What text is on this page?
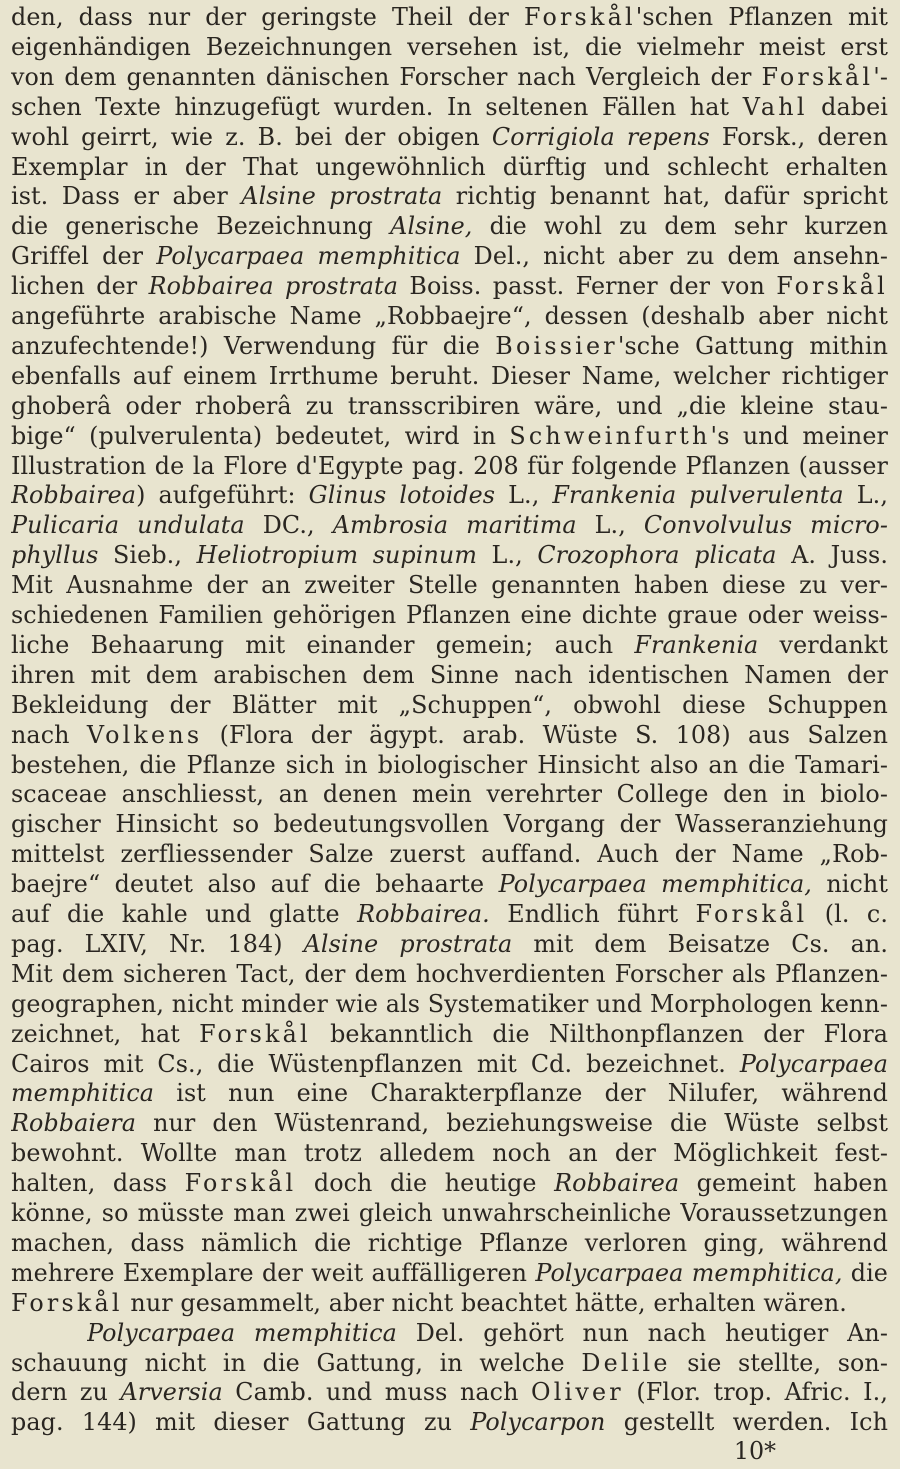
den, dass nur der geringste Theil der Forskål'schen Pflanzen mit
eigenhändigen Bezeichnungen versehen ist, die vielmehr meist erst
von dem genannten dänischen Forscher nach Vergleich der Forskål'-
schen Texte hinzugefügt wurden. In seltenen Fällen hat Vahl dabei
wohl geirrt, wie z. B. bei der obigen Corrigiola repens Forsk., deren
Exemplar in der That ungewöhnlich dürftig und schlecht erhalten
ist. Dass er aber Alsine prostrata richtig benannt hat, dafür spricht
die generische Bezeichnung Alsine, die wohl zu dem sehr kurzen
Griffel der Polycarpaea memphitica Del., nicht aber zu dem ansehn-
lichen der Robbairea prostrata Boiss. passt. Ferner der von Forskål
angeführte arabische Name „Robbaejre“, dessen (deshalb aber nicht
anzufechtende!) Verwendung für die Boissier'sche Gattung mithin
ebenfalls auf einem Irrthume beruht. Dieser Name, welcher richtiger
ghoberâ oder rhoberâ zu transscribiren wäre, und „die kleine stau-
bige“ (pulverulenta) bedeutet, wird in Schweinfurth's und meiner
Illustration de la Flore d'Egypte pag. 208 für folgende Pflanzen (ausser
Robbairea) aufgeführt: Glinus lotoides L., Frankenia pulverulenta L.,
Pulicaria undulata DC., Ambrosia maritima L., Convolvulus micro-
phyllus Sieb., Heliotropium supinum L., Crozophora plicata A. Juss.
Mit Ausnahme der an zweiter Stelle genannten haben diese zu ver-
schiedenen Familien gehörigen Pflanzen eine dichte graue oder weiss-
liche Behaarung mit einander gemein; auch Frankenia verdankt
ihren mit dem arabischen dem Sinne nach identischen Namen der
Bekleidung der Blätter mit „Schuppen“, obwohl diese Schuppen
nach Volkens (Flora der ägypt. arab. Wüste S. 108) aus Salzen
bestehen, die Pflanze sich in biologischer Hinsicht also an die Tamari-
scaceae anschliesst, an denen mein verehrter College den in biolo-
gischer Hinsicht so bedeutungsvollen Vorgang der Wasseranziehung
mittelst zerfliessender Salze zuerst auffand. Auch der Name „Rob-
baejre“ deutet also auf die behaarte Polycarpaea memphitica, nicht
auf die kahle und glatte Robbairea. Endlich führt Forskål (l. c.
pag. LXIV, Nr. 184) Alsine prostrata mit dem Beisatze Cs. an.
Mit dem sicheren Tact, der dem hochverdienten Forscher als Pflanzen-
geographen, nicht minder wie als Systematiker und Morphologen kenn-
zeichnet, hat Forskål bekanntlich die Nilthonpflanzen der Flora
Cairos mit Cs., die Wüstenpflanzen mit Cd. bezeichnet. Polycarpaea
memphitica ist nun eine Charakterpflanze der Nilufer, während
Robbaiera nur den Wüstenrand, beziehungsweise die Wüste selbst
bewohnt. Wollte man trotz alledem noch an der Möglichkeit fest-
halten, dass Forskål doch die heutige Robbairea gemeint haben
könne, so müsste man zwei gleich unwahrscheinliche Voraussetzungen
machen, dass nämlich die richtige Pflanze verloren ging, während
mehrere Exemplare der weit auffälligeren Polycarpaea memphitica, die
Forskål nur gesammelt, aber nicht beachtet hätte, erhalten wären.
Polycarpaea memphitica Del. gehört nun nach heutiger An-
schauung nicht in die Gattung, in welche Delile sie stellte, son-
dern zu Arversia Camb. und muss nach Oliver (Flor. trop. Afric. I.,
pag. 144) mit dieser Gattung zu Polycarpon gestellt werden. Ich
10*
